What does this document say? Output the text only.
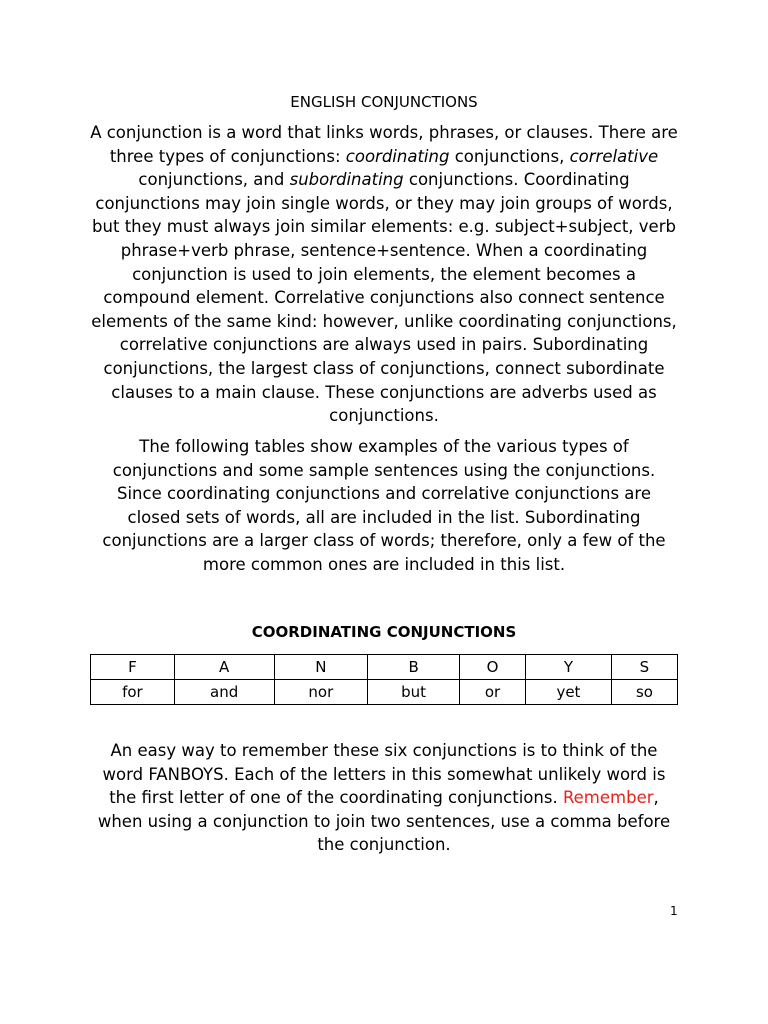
ENGLISH CONJUNCTIONS

A conjunction is a word that links words, phrases, or clauses. There are three types of conjunctions: coordinating conjunctions, correlative conjunctions, and subordinating conjunctions. Coordinating conjunctions may join single words, or they may join groups of words, but they must always join similar elements: e.g. subject+subject, verb phrase+verb phrase, sentence+sentence. When a coordinating conjunction is used to join elements, the element becomes a compound element. Correlative conjunctions also connect sentence elements of the same kind: however, unlike coordinating conjunctions, correlative conjunctions are always used in pairs. Subordinating conjunctions, the largest class of conjunctions, connect subordinate clauses to a main clause. These conjunctions are adverbs used as conjunctions.

The following tables show examples of the various types of conjunctions and some sample sentences using the conjunctions. Since coordinating conjunctions and correlative conjunctions are closed sets of words, all are included in the list. Subordinating conjunctions are a larger class of words; therefore, only a few of the more common ones are included in this list.

COORDINATING CONJUNCTIONS
F	A	N	B	O	Y	S
for	and	nor	but	or	yet	so

An easy way to remember these six conjunctions is to think of the word FANBOYS. Each of the letters in this somewhat unlikely word is the first letter of one of the coordinating conjunctions. Remember, when using a conjunction to join two sentences, use a comma before the conjunction.

1
